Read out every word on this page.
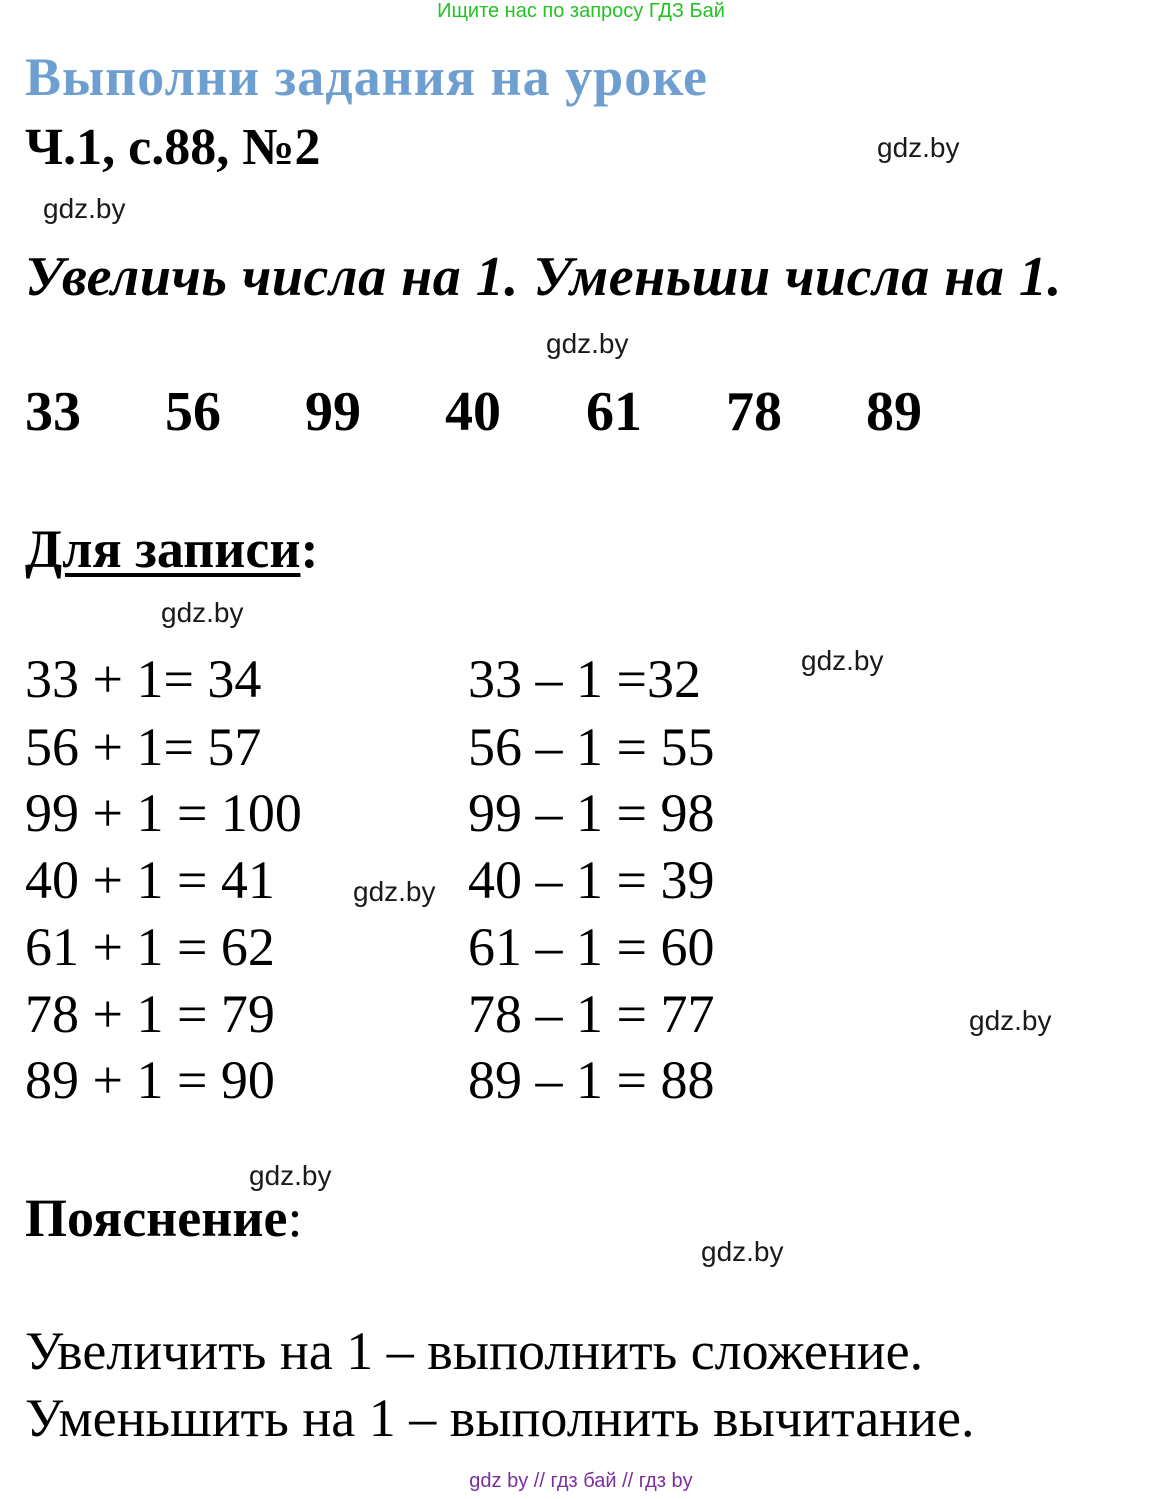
Ищите нас по запросу ГДЗ Бай
Выполни задания на уроке
Ч.1, с.88, №2	gdz.by
gdz.by
Увеличь числа на 1. Уменьши числа на 1.
gdz.by
33 56 99 40 61 78 89
Для записи:
gdz.by
gdz.by
33 + 1= 34
56 + 1= 57
99 + 1 = 100
40 + 1 = 41
61 + 1 = 62
78 + 1 = 79
89 + 1 = 90
33 – 1 =32
56 – 1 = 55
99 – 1 = 98
40 – 1 = 39
61 – 1 = 60
78 – 1 = 77
89 – 1 = 88
gdz.by
gdz.by
gdz.by
Пояснение:
gdz.by
Увеличить на 1 – выполнить сложение.
Уменьшить на 1 – выполнить вычитание.
gdz by // гдз бай // гдз by
